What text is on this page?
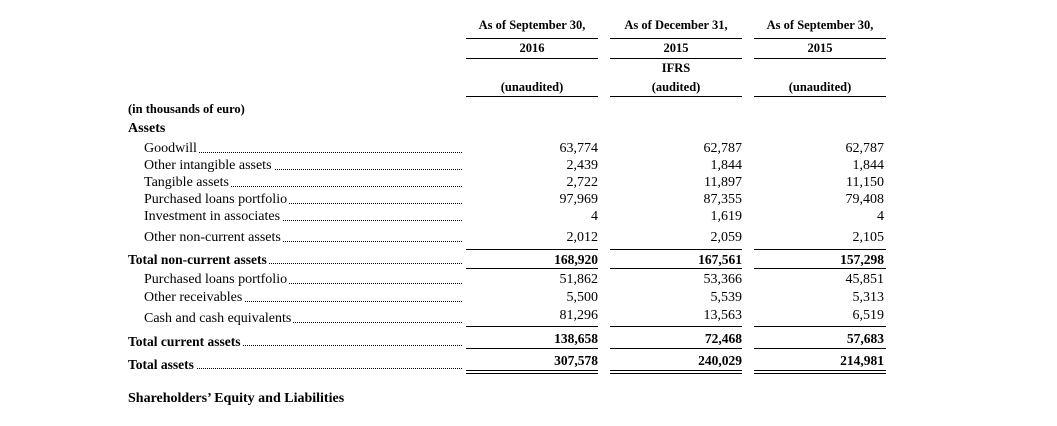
As of September 30,
2016
(unaudited)
As of December 31,
2015
IFRS
(audited)
As of September 30,
2015
(unaudited)
(in thousands of euro)
Assets
Goodwill	63,774	62,787	62,787
Other intangible assets	2,439	1,844	1,844
Tangible assets	2,722	11,897	11,150
Purchased loans portfolio	97,969	87,355	79,408
Investment in associates	4	1,619	4
Other non-current assets	2,012	2,059	2,105
Total non-current assets	168,920	167,561	157,298
Purchased loans portfolio	51,862	53,366	45,851
Other receivables	5,500	5,539	5,313
Cash and cash equivalents	81,296	13,563	6,519
Total current assets	138,658	72,468	57,683
Total assets	307,578	240,029	214,981
Shareholders’ Equity and Liabilities
